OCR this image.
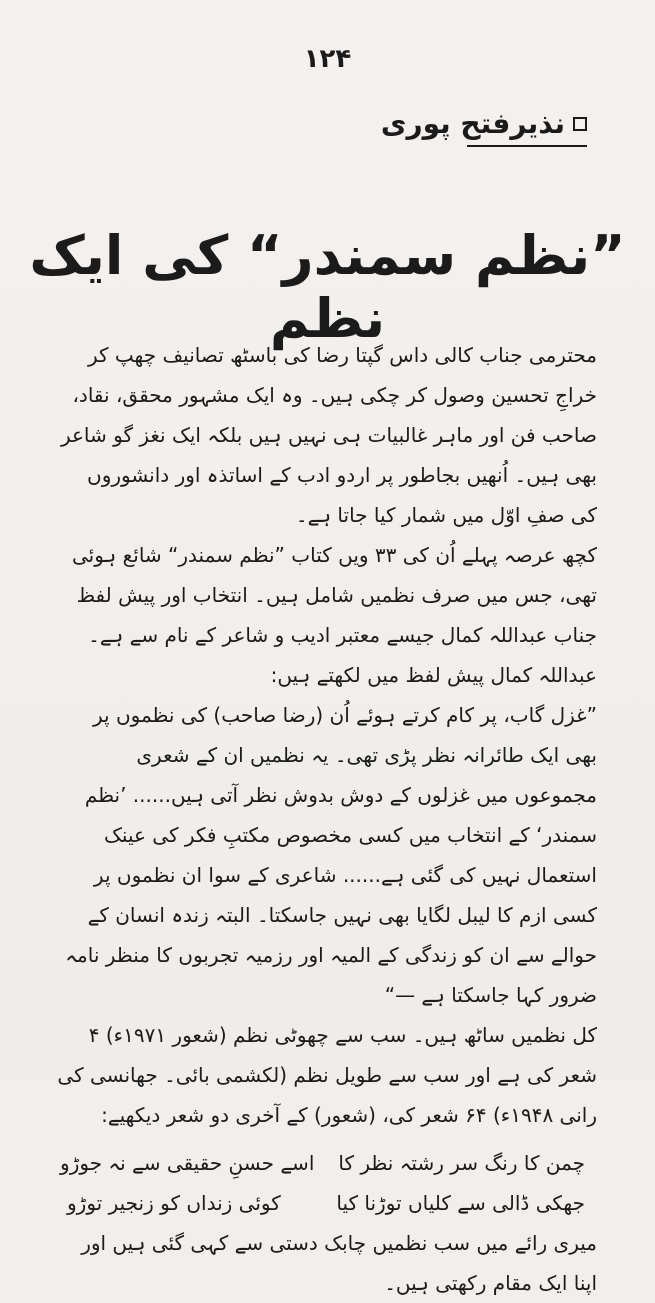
۱۲۴
نذیرفتح پوری
”نظم سمندر“ کی ایک نظم

محترمی جناب کالی داس گپتا رضا کی باسٹھ تصانیف چھپ کر خراجِ تحسین وصول کر چکی ہیں۔ وہ ایک مشہور محقق، نقاد، صاحب فن اور ماہر غالبیات ہی نہیں ہیں بلکہ ایک نغز گو شاعر بھی ہیں۔ اُنھیں بجاطور پر اردو ادب کے اساتذہ اور دانشوروں کی صفِ اوّل میں شمار کیا جاتا ہے۔

کچھ عرصہ پہلے اُن کی ۳۳ ویں کتاب ”نظم سمندر“ شائع ہوئی تھی، جس میں صرف نظمیں شامل ہیں۔ انتخاب اور پیش لفظ جناب عبداللہ کمال جیسے معتبر ادیب و شاعر کے نام سے ہے۔ عبداللہ کمال پیش لفظ میں لکھتے ہیں:

”غزل گاب، پر کام کرتے ہوئے اُن (رضا صاحب) کی نظموں پر بھی ایک طائرانہ نظر پڑی تھی۔ یہ نظمیں ان کے شعری مجموعوں میں غزلوں کے دوش بدوش نظر آتی ہیں...... ’نظم سمندر‘ کے انتخاب میں کسی مخصوص مکتبِ فکر کی عینک استعمال نہیں کی گئی ہے...... شاعری کے سوا ان نظموں پر کسی ازم کا لیبل لگایا بھی نہیں جاسکتا۔ البتہ زندہ انسان کے حوالے سے ان کو زندگی کے المیہ اور رزمیہ تجربوں کا منظر نامہ ضرور کہا جاسکتا ہے —“

کل نظمیں ساٹھ ہیں۔ سب سے چھوٹی نظم (شعور ۱۹۷۱ء) ۴ شعر کی ہے اور سب سے طویل نظم (لکشمی بائی۔ جھانسی کی رانی ۱۹۴۸ء) ۶۴ شعر کی، (شعور) کے آخری دو شعر دیکھیے:

چمن کا رنگ سر رشتہ نظر کا
اسے حسنِ حقیقی سے نہ جوڑو
جھکی ڈالی سے کلیاں توڑنا کیا
کوئی زنداں کو زنجیر توڑو

میری رائے میں سب نظمیں چابک دستی سے کہی گئی ہیں اور اپنا ایک مقام رکھتی ہیں۔
